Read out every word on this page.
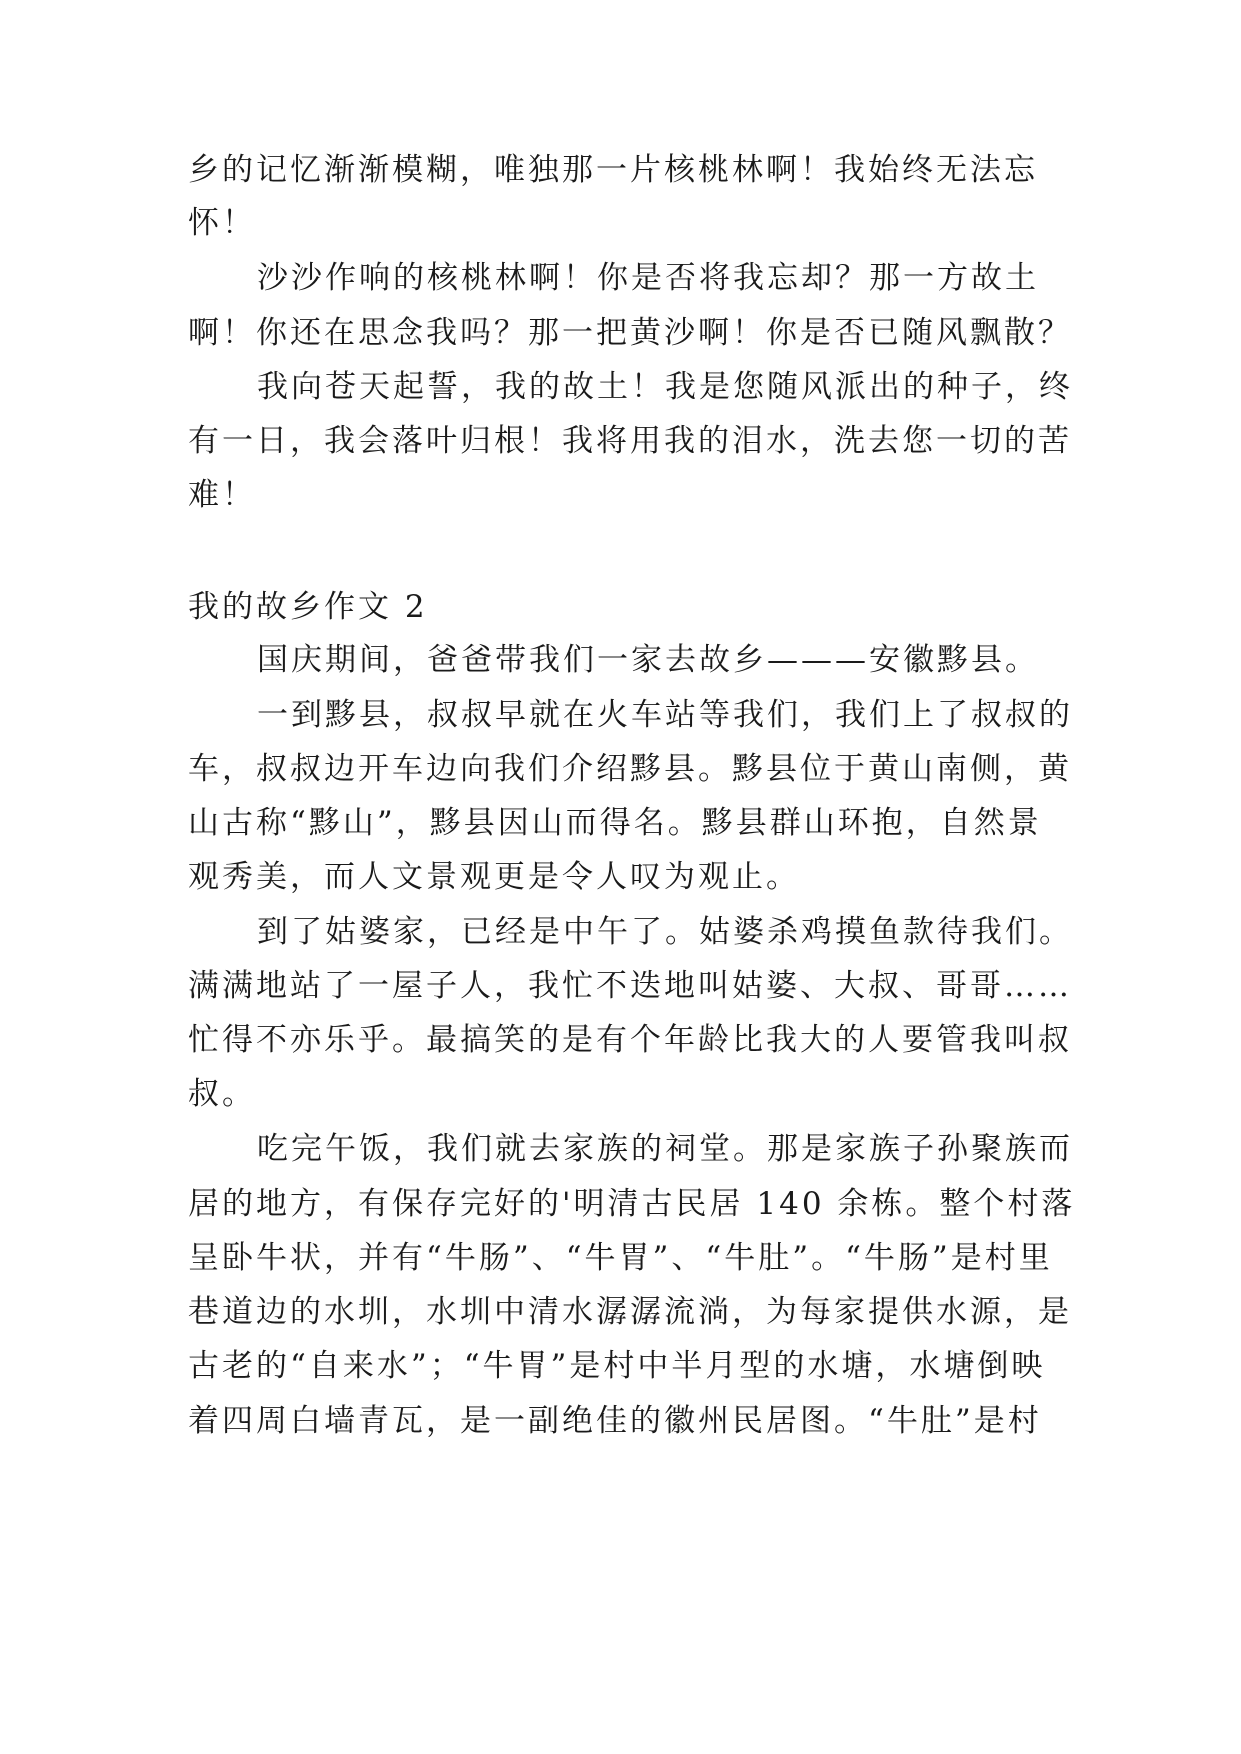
乡的记忆渐渐模糊，唯独那一片核桃林啊！我始终无法忘

怀！

沙沙作响的核桃林啊！你是否将我忘却？那一方故土

啊！你还在思念我吗？那一把黄沙啊！你是否已随风飘散？

我向苍天起誓，我的故土！我是您随风派出的种子，终

有一日，我会落叶归根！我将用我的泪水，洗去您一切的苦

难！

我的故乡作文 2

国庆期间，爸爸带我们一家去故乡———安徽黟县。

一到黟县，叔叔早就在火车站等我们，我们上了叔叔的

车，叔叔边开车边向我们介绍黟县。黟县位于黄山南侧，黄

山古称“黟山”，黟县因山而得名。黟县群山环抱，自然景

观秀美，而人文景观更是令人叹为观止。

到了姑婆家，已经是中午了。姑婆杀鸡摸鱼款待我们。

满满地站了一屋子人，我忙不迭地叫姑婆、大叔、哥哥……

忙得不亦乐乎。最搞笑的是有个年龄比我大的人要管我叫叔

叔。

吃完午饭，我们就去家族的祠堂。那是家族子孙聚族而

居的地方，有保存完好的'明清古民居 140 余栋。整个村落

呈卧牛状，并有“牛肠”、“牛胃”、“牛肚”。“牛肠”是村里

巷道边的水圳，水圳中清水潺潺流淌，为每家提供水源，是

古老的“自来水”；“牛胃”是村中半月型的水塘，水塘倒映

着四周白墙青瓦，是一副绝佳的徽州民居图。“牛肚”是村
